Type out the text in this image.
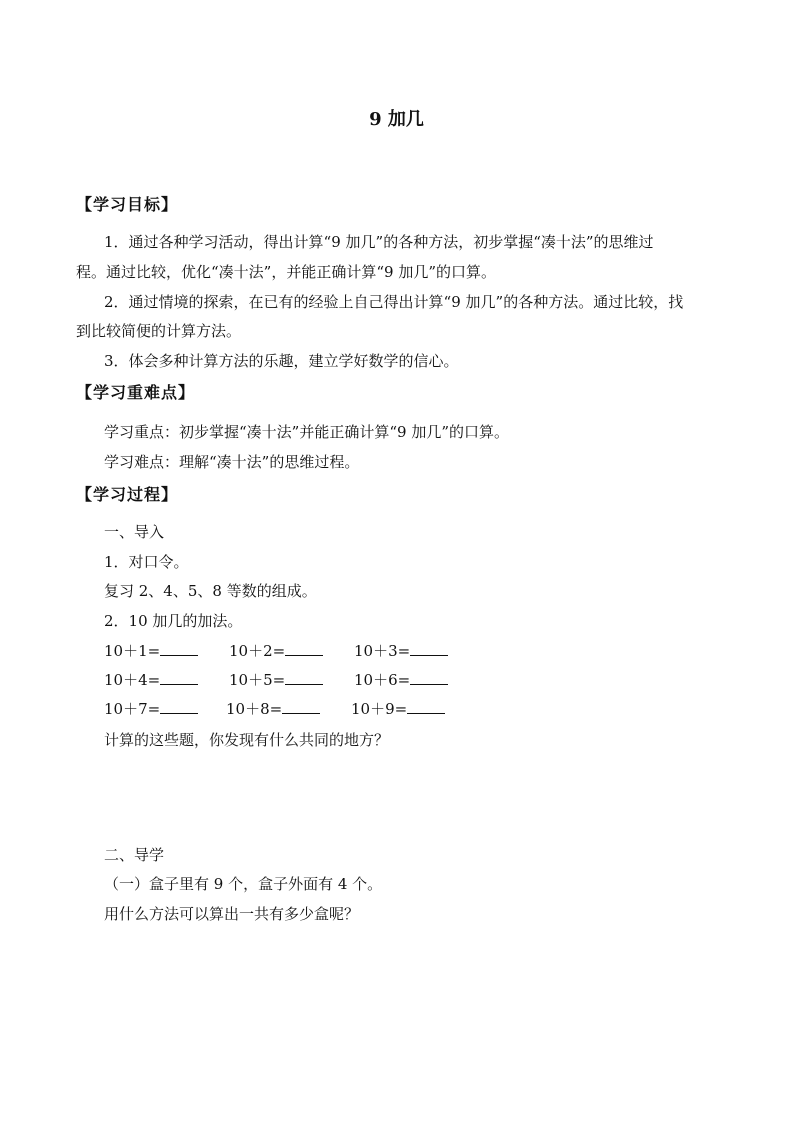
9 加几
【学习目标】
1．通过各种学习活动，得出计算“9 加几”的各种方法，初步掌握“凑十法”的思维过
程。通过比较，优化“凑十法”，并能正确计算“9 加几”的口算。
2．通过情境的探索，在已有的经验上自己得出计算“9 加几”的各种方法。通过比较，找
到比较简便的计算方法。
3．体会多种计算方法的乐趣，建立学好数学的信心。
【学习重难点】
学习重点：初步掌握“凑十法”并能正确计算“9 加几”的口算。
学习难点：理解“凑十法”的思维过程。
【学习过程】
一、导入
1．对口令。
复习 2、4、5、8 等数的组成。
2．10 加几的加法。
10＋1=	10＋2=	10＋3=
10＋4=	10＋5=	10＋6=
10＋7=	10＋8=	10＋9=
计算的这些题，你发现有什么共同的地方？
二、导学
（一）盒子里有 9 个，盒子外面有 4 个。
用什么方法可以算出一共有多少盒呢？
